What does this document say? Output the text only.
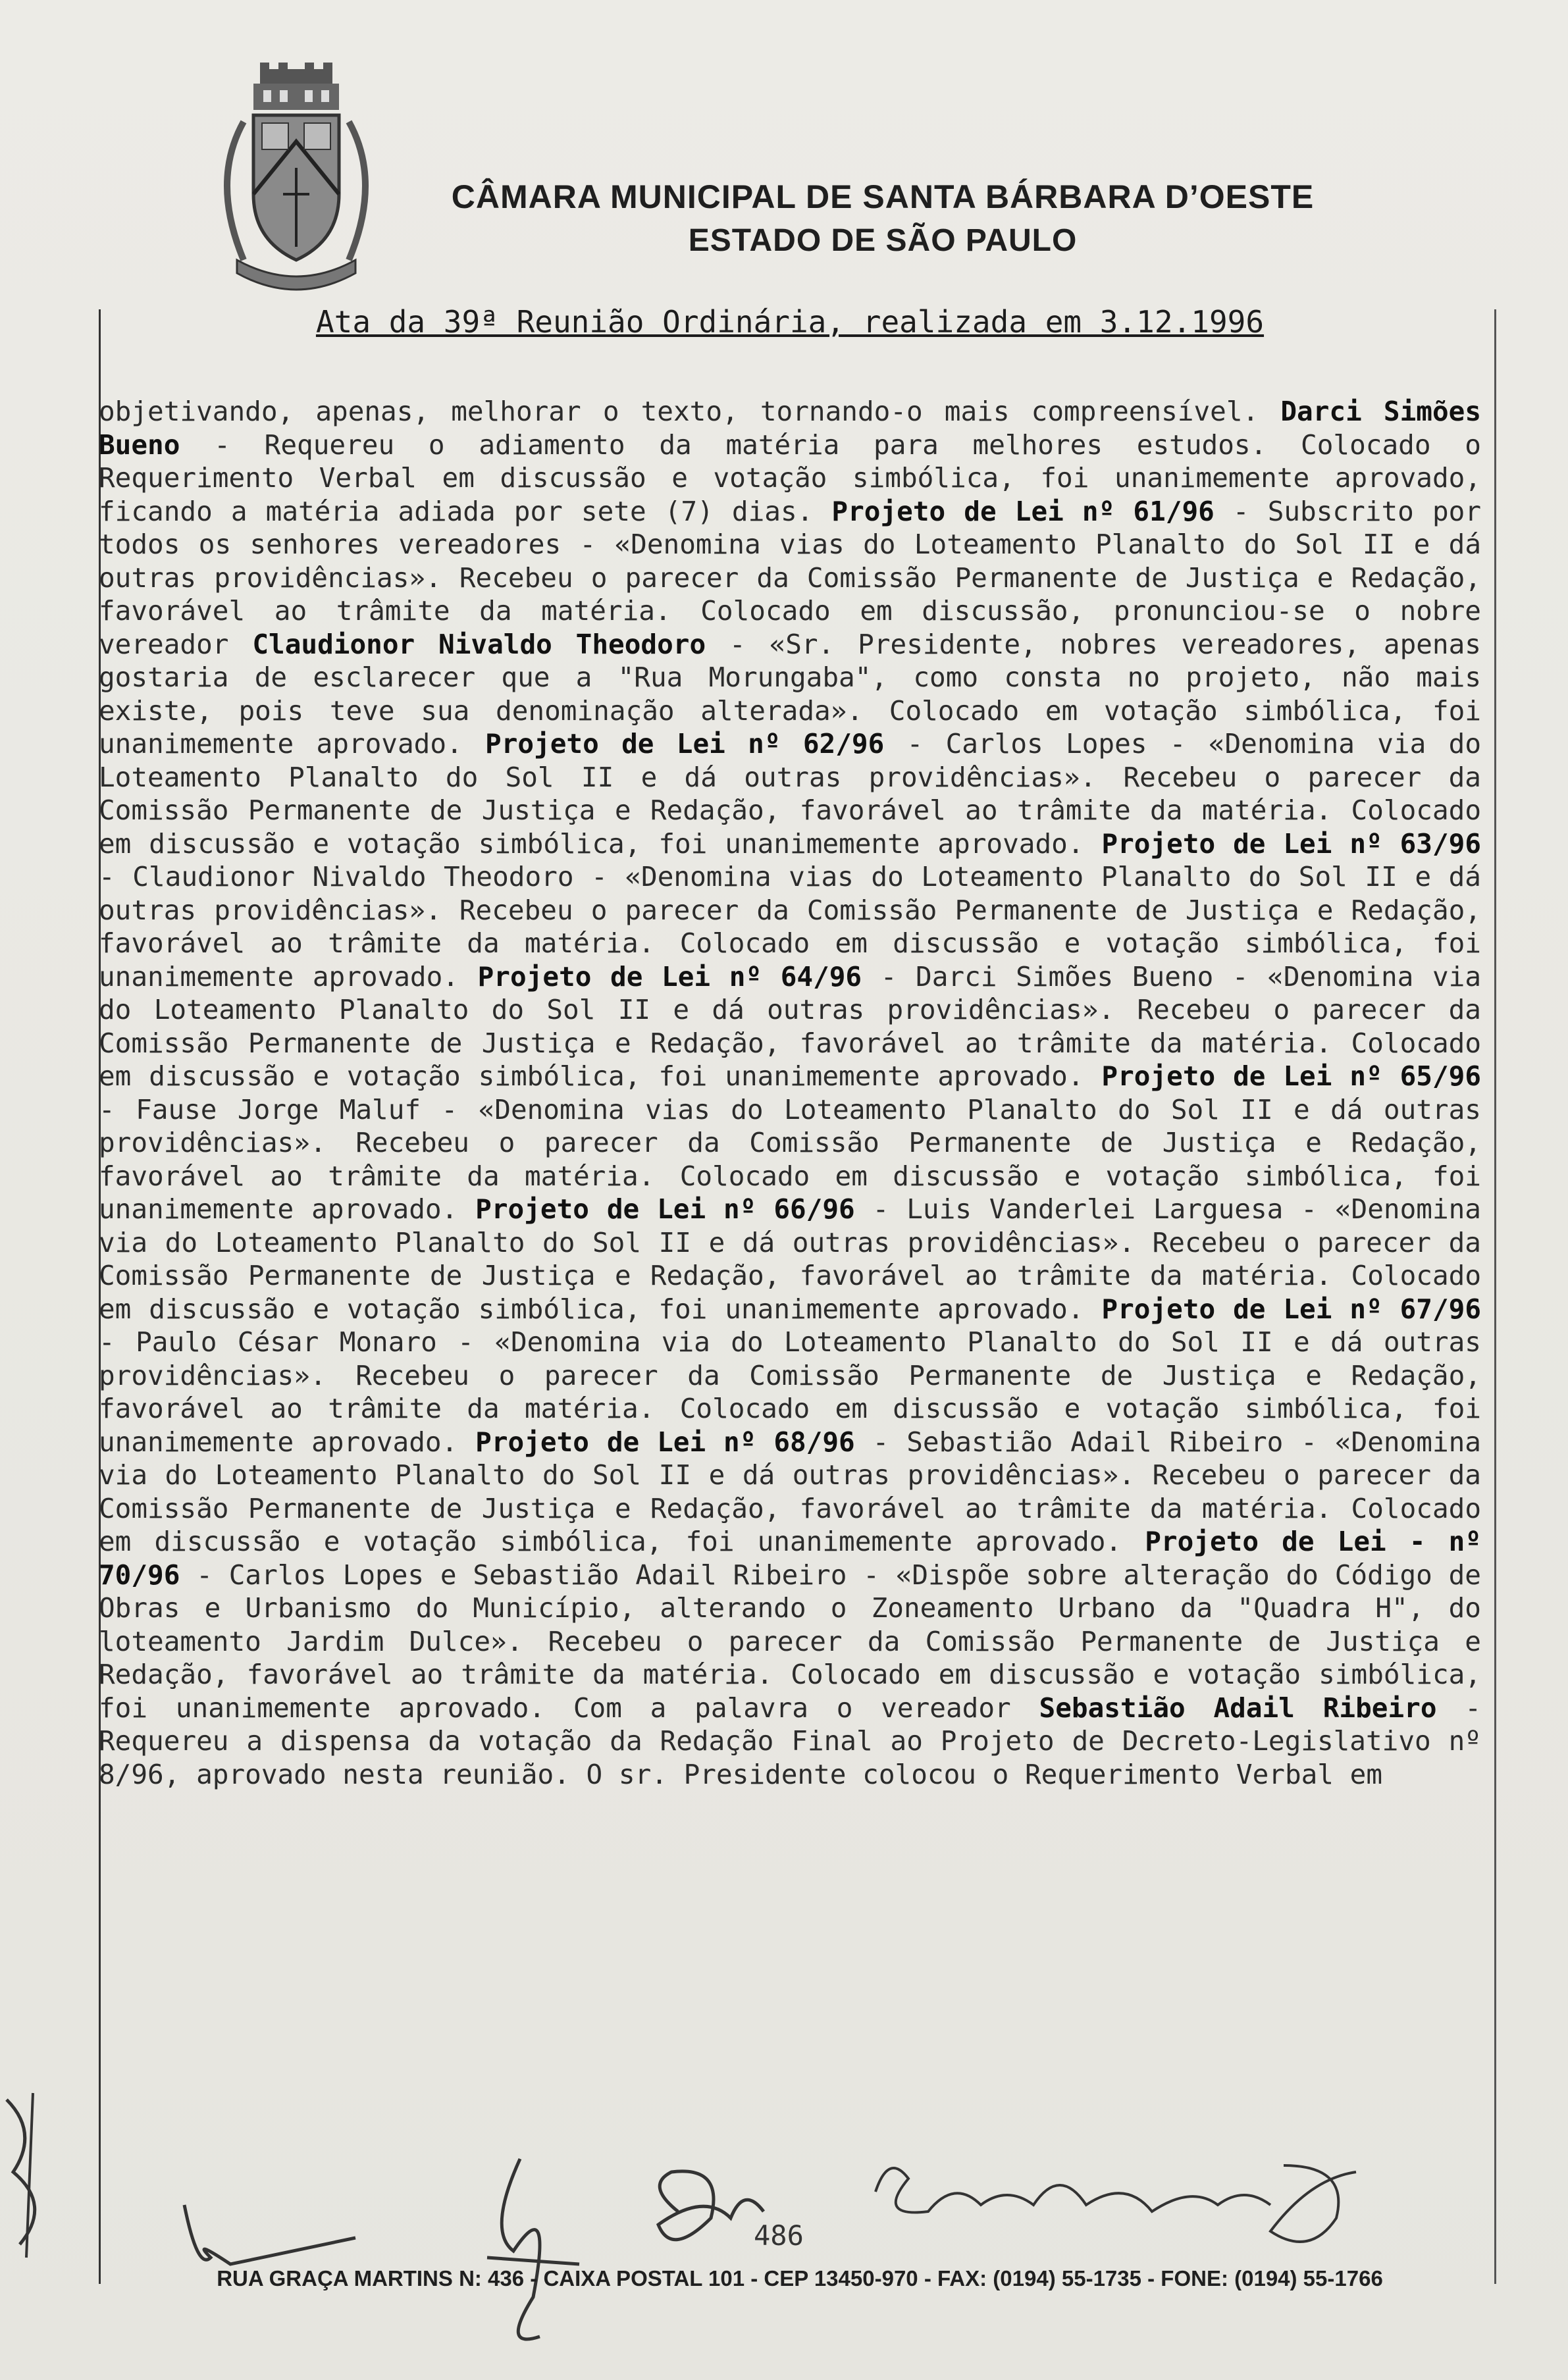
CÂMARA MUNICIPAL DE SANTA BÁRBARA D’OESTE
ESTADO DE SÃO PAULO
Ata da 39ª Reunião Ordinária, realizada em 3.12.1996
objetivando, apenas, melhorar o texto, tornando-o mais compreensível. Darci Simões Bueno - Requereu o adiamento da matéria para melhores estudos. Colocado o Requerimento Verbal em discussão e votação simbólica, foi unanimemente aprovado, ficando a matéria adiada por sete (7) dias. Projeto de Lei nº 61/96 - Subscrito por todos os senhores vereadores - «Denomina vias do Loteamento Planalto do Sol II e dá outras providências». Recebeu o parecer da Comissão Permanente de Justiça e Redação, favorável ao trâmite da matéria. Colocado em discussão, pronunciou-se o nobre vereador Claudionor Nivaldo Theodoro - «Sr. Presidente, nobres vereadores, apenas gostaria de esclarecer que a "Rua Morungaba", como consta no projeto, não mais existe, pois teve sua denominação alterada». Colocado em votação simbólica, foi unanimemente aprovado. Projeto de Lei nº 62/96 - Carlos Lopes - «Denomina via do Loteamento Planalto do Sol II e dá outras providências». Recebeu o parecer da Comissão Permanente de Justiça e Redação, favorável ao trâmite da matéria. Colocado em discussão e votação simbólica, foi unanimemente aprovado. Projeto de Lei nº 63/96 - Claudionor Nivaldo Theodoro - «Denomina vias do Loteamento Planalto do Sol II e dá outras providências». Recebeu o parecer da Comissão Permanente de Justiça e Redação, favorável ao trâmite da matéria. Colocado em discussão e votação simbólica, foi unanimemente aprovado. Projeto de Lei nº 64/96 - Darci Simões Bueno - «Denomina via do Loteamento Planalto do Sol II e dá outras providências». Recebeu o parecer da Comissão Permanente de Justiça e Redação, favorável ao trâmite da matéria. Colocado em discussão e votação simbólica, foi unanimemente aprovado. Projeto de Lei nº 65/96 - Fause Jorge Maluf - «Denomina vias do Loteamento Planalto do Sol II e dá outras providências». Recebeu o parecer da Comissão Permanente de Justiça e Redação, favorável ao trâmite da matéria. Colocado em discussão e votação simbólica, foi unanimemente aprovado. Projeto de Lei nº 66/96 - Luis Vanderlei Larguesa - «Denomina via do Loteamento Planalto do Sol II e dá outras providências». Recebeu o parecer da Comissão Permanente de Justiça e Redação, favorável ao trâmite da matéria. Colocado em discussão e votação simbólica, foi unanimemente aprovado. Projeto de Lei nº 67/96 - Paulo César Monaro - «Denomina via do Loteamento Planalto do Sol II e dá outras providências». Recebeu o parecer da Comissão Permanente de Justiça e Redação, favorável ao trâmite da matéria. Colocado em discussão e votação simbólica, foi unanimemente aprovado. Projeto de Lei nº 68/96 - Sebastião Adail Ribeiro - «Denomina via do Loteamento Planalto do Sol II e dá outras providências». Recebeu o parecer da Comissão Permanente de Justiça e Redação, favorável ao trâmite da matéria. Colocado em discussão e votação simbólica, foi unanimemente aprovado. Projeto de Lei - nº 70/96 - Carlos Lopes e Sebastião Adail Ribeiro - «Dispõe sobre alteração do Código de Obras e Urbanismo do Município, alterando o Zoneamento Urbano da "Quadra H", do loteamento Jardim Dulce». Recebeu o parecer da Comissão Permanente de Justiça e Redação, favorável ao trâmite da matéria. Colocado em discussão e votação simbólica, foi unanimemente aprovado. Com a palavra o vereador Sebastião Adail Ribeiro - Requereu a dispensa da votação da Redação Final ao Projeto de Decreto-Legislativo nº 8/96, aprovado nesta reunião. O sr. Presidente colocou o Requerimento Verbal em
486
RUA GRAÇA MARTINS N: 436 - CAIXA POSTAL 101 - CEP 13450-970 - FAX: (0194) 55-1735 - FONE: (0194) 55-1766
